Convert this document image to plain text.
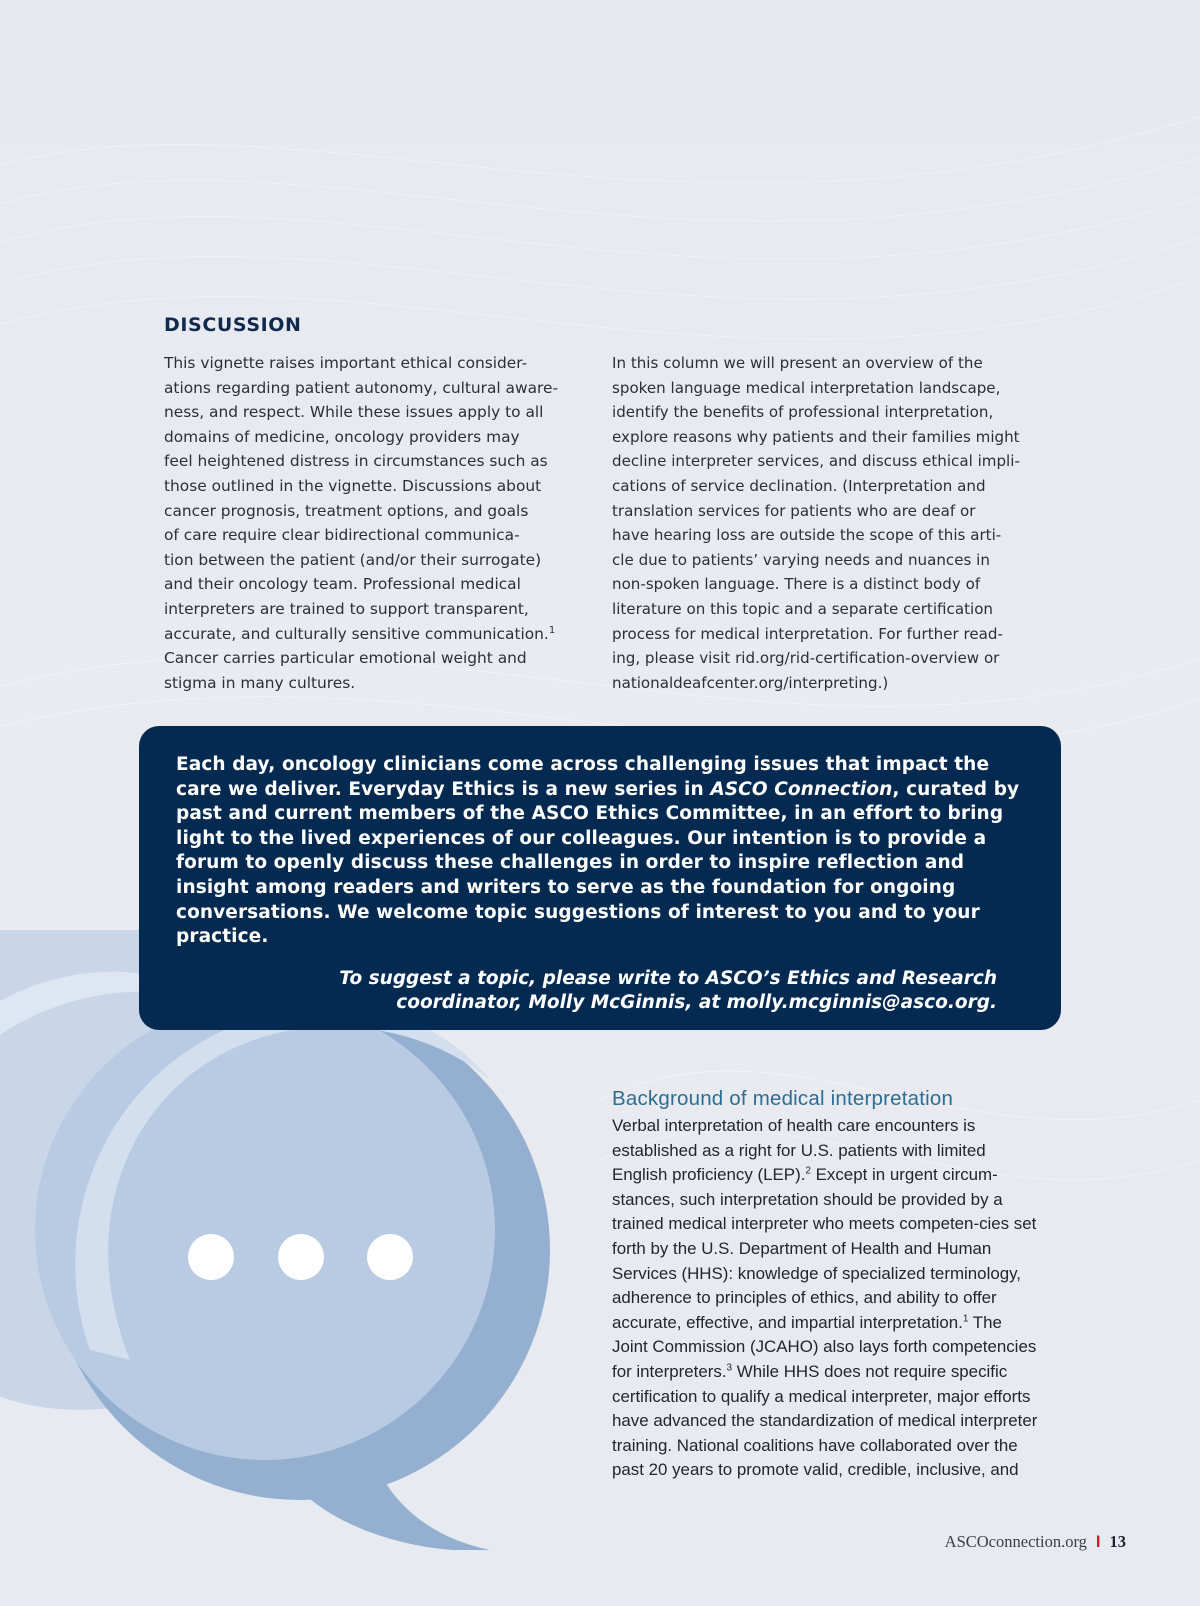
DISCUSSION

This vignette raises important ethical consider-
ations regarding patient autonomy, cultural aware-
ness, and respect. While these issues apply to all
domains of medicine, oncology providers may
feel heightened distress in circumstances such as
those outlined in the vignette. Discussions about
cancer prognosis, treatment options, and goals
of care require clear bidirectional communica-
tion between the patient (and/or their surrogate)
and their oncology team. Professional medical
interpreters are trained to support transparent,
accurate, and culturally sensitive communication.$^1$
Cancer carries particular emotional weight and
stigma in many cultures.

In this column we will present an overview of the
spoken language medical interpretation landscape,
identify the benefits of professional interpretation,
explore reasons why patients and their families might
decline interpreter services, and discuss ethical impli-
cations of service declination. (Interpretation and
translation services for patients who are deaf or
have hearing loss are outside the scope of this arti-
cle due to patients’ varying needs and nuances in
non-spoken language. There is a distinct body of
literature on this topic and a separate certification
process for medical interpretation. For further read-
ing, please visit rid.org/rid-certification-overview or
nationaldeafcenter.org/interpreting.)

Each day, oncology clinicians come across challenging issues that impact the care we deliver. Everyday Ethics is a new series in ASCO Connection, curated by past and current members of the ASCO Ethics Committee, in an effort to bring light to the lived experiences of our colleagues. Our intention is to provide a forum to openly discuss these challenges in order to inspire reflection and insight among readers and writers to serve as the foundation for ongoing conversations. We welcome topic suggestions of interest to you and to your practice.

To suggest a topic, please write to ASCO’s Ethics and Research
coordinator, Molly McGinnis, at molly.mcginnis@asco.org.

Background of medical interpretation

Verbal interpretation of health care encounters is established as a right for U.S. patients with limited English proficiency (LEP).$^2$ Except in urgent circum-stances, such interpretation should be provided by a trained medical interpreter who meets competen-cies set forth by the U.S. Department of Health and Human Services (HHS): knowledge of specialized terminology, adherence to principles of ethics, and ability to offer accurate, effective, and impartial interpretation.$^1$ The Joint Commission (JCAHO) also lays forth competencies for interpreters.$^3$ While HHS does not require specific certification to qualify a medical interpreter, major efforts have advanced the standardization of medical interpreter training. National coalitions have collaborated over the past 20 years to promote valid, credible, inclusive, and

ASCOconnection.org I 13
